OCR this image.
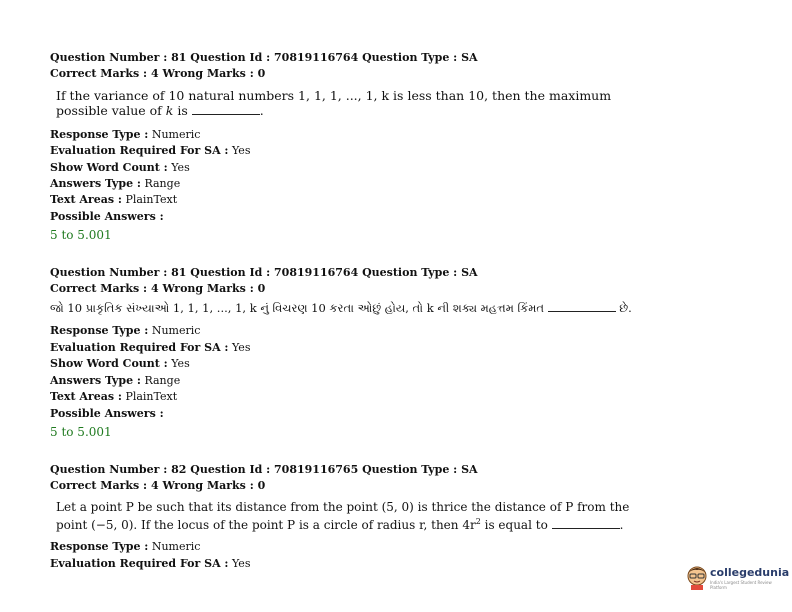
Question Number : 81 Question Id : 70819116764 Question Type : SA
Correct Marks : 4 Wrong Marks : 0
If the variance of 10 natural numbers 1, 1, 1, ..., 1, k is less than 10, then the maximum
possible value of k is	.
Response Type : Numeric
Evaluation Required For SA : Yes
Show Word Count : Yes
Answers Type : Range
Text Areas : PlainText
Possible Answers :
5 to 5.001
Question Number : 81 Question Id : 70819116764 Question Type : SA
Correct Marks : 4 Wrong Marks : 0
જો 10 પ્રાકૃતિક સંખ્યાઓ 1, 1, 1, ..., 1, k નું વિચરણ 10 કરતા ઓછું હોય, તો k ની શક્ય મહત્તમ કિંમત	છે.
Response Type : Numeric
Evaluation Required For SA : Yes
Show Word Count : Yes
Answers Type : Range
Text Areas : PlainText
Possible Answers :
5 to 5.001
Question Number : 82 Question Id : 70819116765 Question Type : SA
Correct Marks : 4 Wrong Marks : 0
Let a point P be such that its distance from the point (5, 0) is thrice the distance of P from the
point (−5, 0). If the locus of the point P is a circle of radius r, then $4r^2$ is equal to	.
Response Type : Numeric
Evaluation Required For SA : Yes
collegedunia
India's Largest Student Review Platform
